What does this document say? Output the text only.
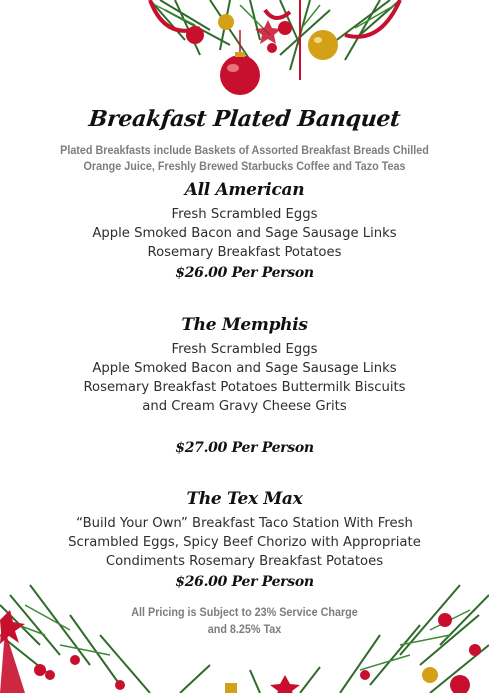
Breakfast Plated Banquet
Plated Breakfasts include Baskets of Assorted Breakfast Breads Chilled
Orange Juice, Freshly Brewed Starbucks Coffee and Tazo Teas
All American
Fresh Scrambled Eggs
Apple Smoked Bacon and Sage Sausage Links
Rosemary Breakfast Potatoes
$26.00 Per Person
The Memphis
Fresh Scrambled Eggs
Apple Smoked Bacon and Sage Sausage Links
Rosemary Breakfast Potatoes Buttermilk Biscuits
and Cream Gravy Cheese Grits
$27.00 Per Person
The Tex Max
“Build Your Own” Breakfast Taco Station With Fresh
Scrambled Eggs, Spicy Beef Chorizo with Appropriate
Condiments Rosemary Breakfast Potatoes
$26.00 Per Person
All Pricing is Subject to 23% Service Charge
and 8.25% Tax
